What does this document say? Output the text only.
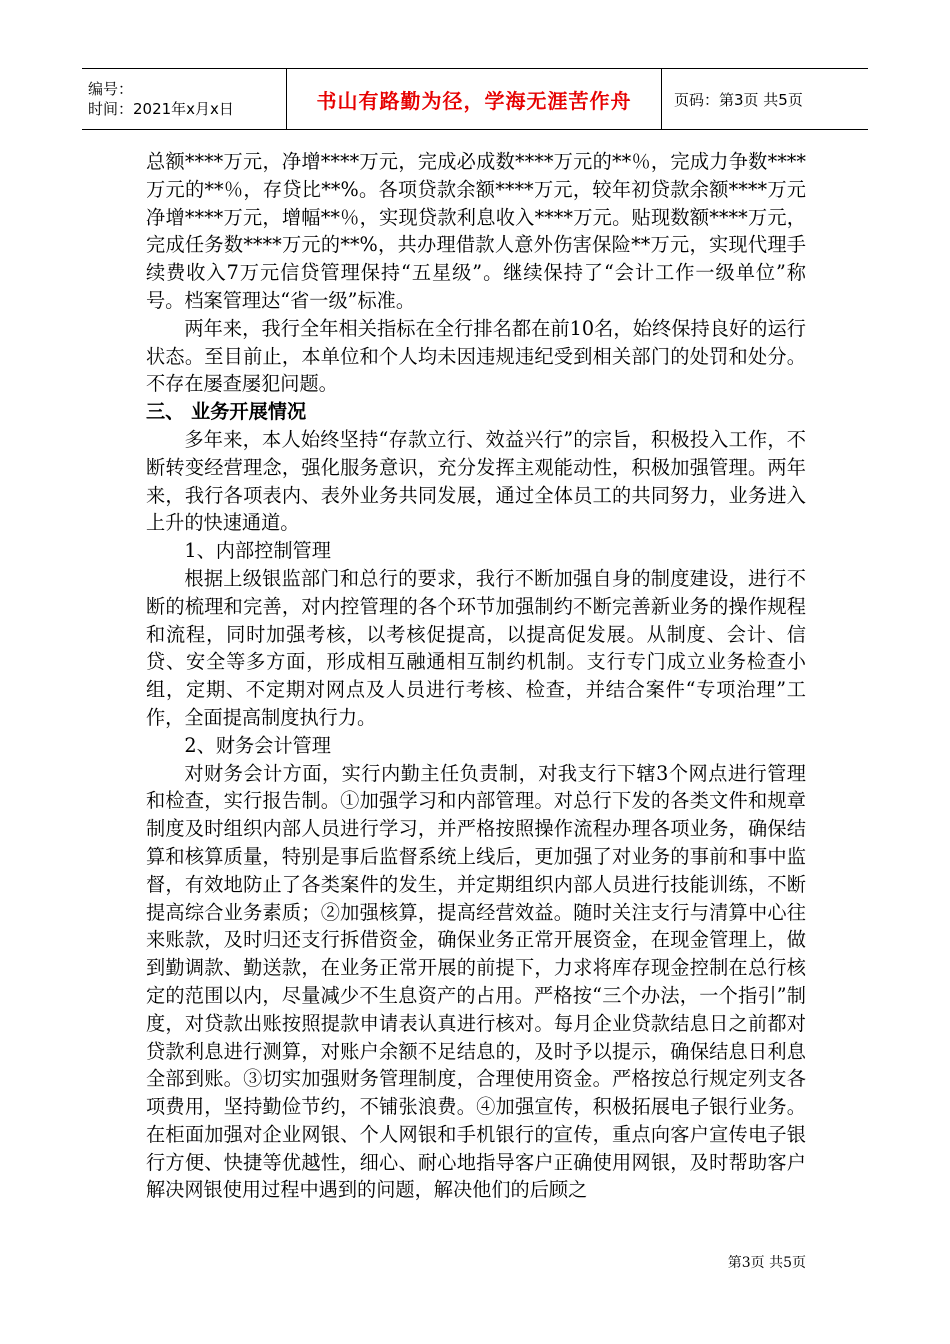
编号：
时间：2021年x月x日	书山有路勤为径，学海无涯苦作舟	页码：第3页 共5页

总额****万元，净增****万元，完成必成数****万元的**％，完成力争数****万元的**％，存贷比**%。各项贷款余额****万元，较年初贷款余额****万元净增****万元，增幅**％，实现贷款利息收入****万元。贴现数额****万元，完成任务数****万元的**%，共办理借款人意外伤害保险**万元，实现代理手续费收入7万元信贷管理保持“五星级”。继续保持了“会计工作一级单位”称号。档案管理达“省一级”标准。

两年来，我行全年相关指标在全行排名都在前10名，始终保持良好的运行状态。至目前止，本单位和个人均未因违规违纪受到相关部门的处罚和处分。不存在屡查屡犯问题。

三、 业务开展情况

多年来，本人始终坚持“存款立行、效益兴行”的宗旨，积极投入工作，不断转变经营理念，强化服务意识，充分发挥主观能动性，积极加强管理。两年来，我行各项表内、表外业务共同发展，通过全体员工的共同努力，业务进入上升的快速通道。

1、内部控制管理

根据上级银监部门和总行的要求，我行不断加强自身的制度建设，进行不断的梳理和完善，对内控管理的各个环节加强制约不断完善新业务的操作规程和流程，同时加强考核，以考核促提高，以提高促发展。从制度、会计、信贷、安全等多方面，形成相互融通相互制约机制。支行专门成立业务检查小组，定期、不定期对网点及人员进行考核、检查，并结合案件“专项治理”工作，全面提高制度执行力。

2、财务会计管理

对财务会计方面，实行内勤主任负责制，对我支行下辖3个网点进行管理和检查，实行报告制。①加强学习和内部管理。对总行下发的各类文件和规章制度及时组织内部人员进行学习，并严格按照操作流程办理各项业务，确保结算和核算质量，特别是事后监督系统上线后，更加强了对业务的事前和事中监督，有效地防止了各类案件的发生，并定期组织内部人员进行技能训练，不断提高综合业务素质；②加强核算，提高经营效益。随时关注支行与清算中心往来账款，及时归还支行拆借资金，确保业务正常开展资金，在现金管理上，做到勤调款、勤送款，在业务正常开展的前提下，力求将库存现金控制在总行核定的范围以内，尽量减少不生息资产的占用。严格按“三个办法，一个指引”制度，对贷款出账按照提款申请表认真进行核对。每月企业贷款结息日之前都对贷款利息进行测算，对账户余额不足结息的，及时予以提示，确保结息日利息全部到账。③切实加强财务管理制度，合理使用资金。严格按总行规定列支各项费用，坚持勤俭节约，不铺张浪费。④加强宣传，积极拓展电子银行业务。在柜面加强对企业网银、个人网银和手机银行的宣传，重点向客户宣传电子银行方便、快捷等优越性，细心、耐心地指导客户正确使用网银，及时帮助客户解决网银使用过程中遇到的问题，解决他们的后顾之

第3页 共5页
